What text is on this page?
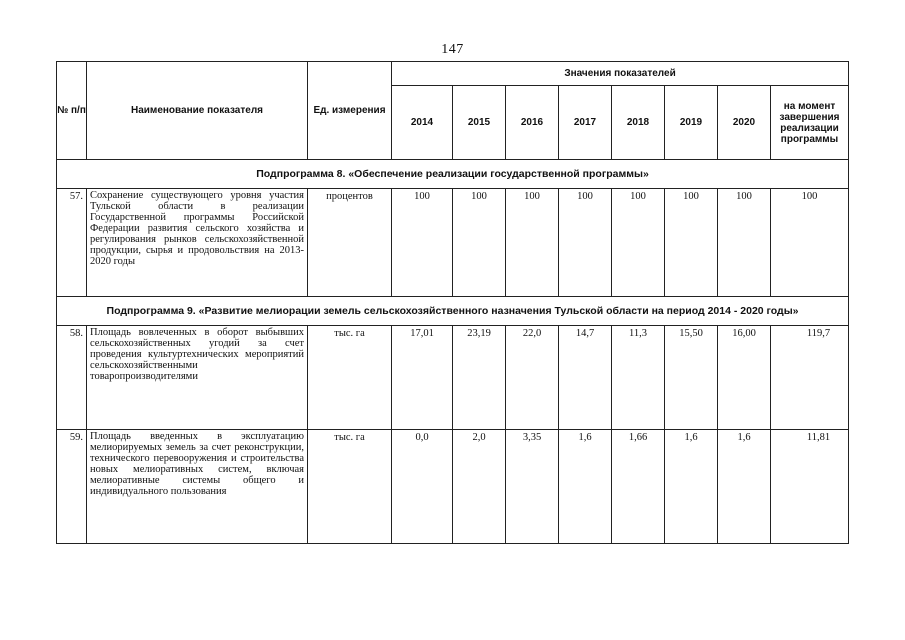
147
№ п/п	Наименование показателя	Ед. измерения	Значения показателей							
			2014	2015	2016	2017	2018	2019	2020	на момент завершения реализации программы
Подпрограмма 8. «Обеспечение реализации государственной программы»										
57.	Сохранение существующего уровня участия Тульской области в реализации Государственной программы Российской Федерации развития сельского хозяйства и регулирования рынков сельскохозяйственной продукции, сырья и продовольствия на 2013-2020 годы	процентов	100	100	100	100	100	100	100	100
Подпрограмма 9. «Развитие мелиорации земель сельскохозяйственного назначения Тульской области на период 2014 - 2020 годы»										
58.	Площадь вовлеченных в оборот выбывших сельскохозяйственных угодий за счет проведения культуртехнических мероприятий сельскохозяйственными товаропроизводителями	тыс. га	17,01	23,19	22,0	14,7	11,3	15,50	16,00	119,7
59.	Площадь введенных в эксплуатацию мелиорируемых земель за счет реконструкции, технического перевооружения и строительства новых мелиоративных систем, включая мелиоративные системы общего и индивидуального пользования	тыс. га	0,0	2,0	3,35	1,6	1,66	1,6	1,6	11,81
